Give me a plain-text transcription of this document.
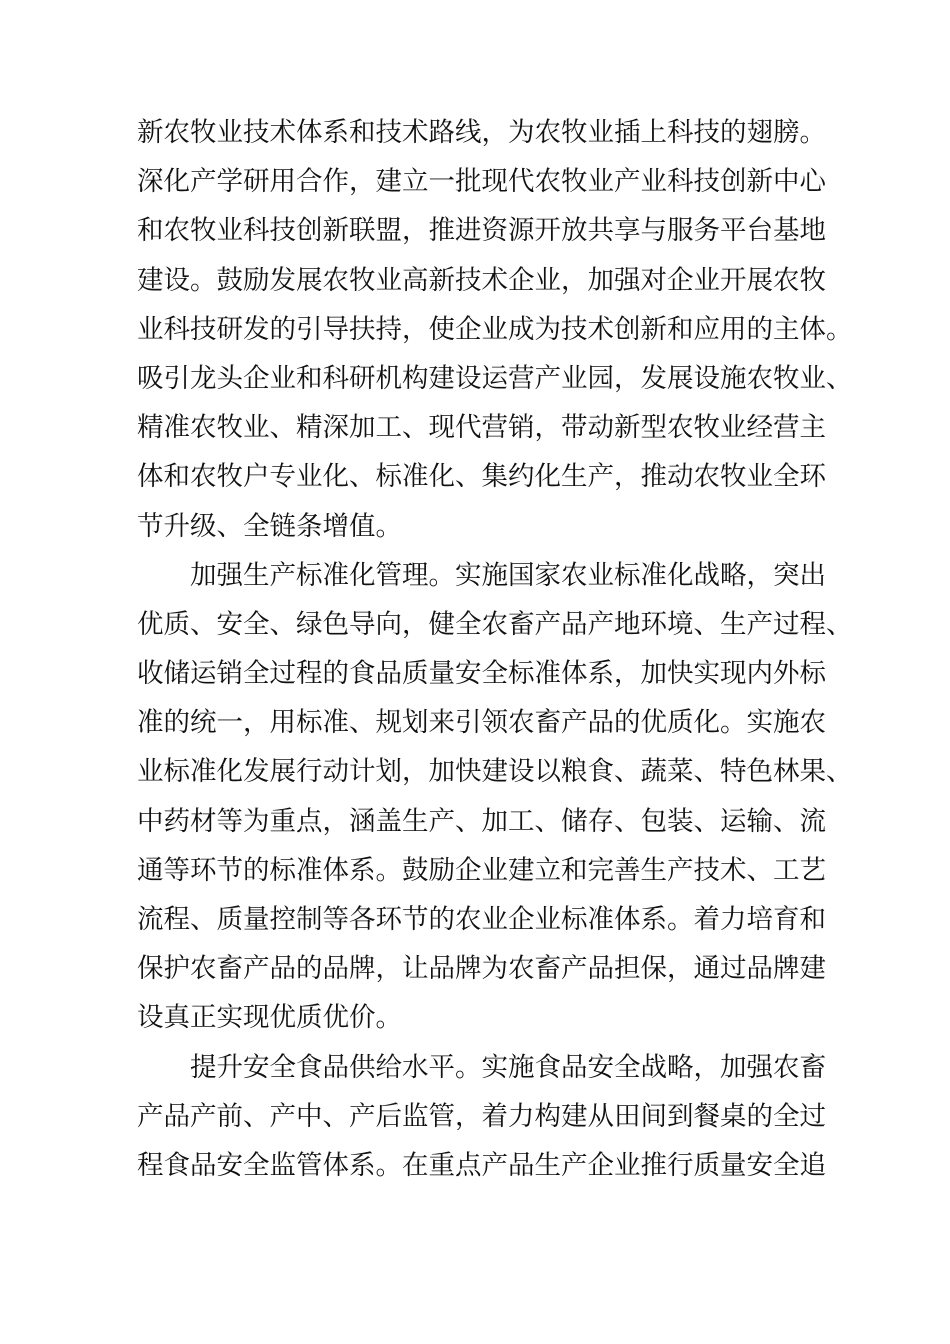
新农牧业技术体系和技术路线，为农牧业插上科技的翅膀。
深化产学研用合作，建立一批现代农牧业产业科技创新中心
和农牧业科技创新联盟，推进资源开放共享与服务平台基地
建设。鼓励发展农牧业高新技术企业，加强对企业开展农牧
业科技研发的引导扶持，使企业成为技术创新和应用的主体。
吸引龙头企业和科研机构建设运营产业园，发展设施农牧业、
精准农牧业、精深加工、现代营销，带动新型农牧业经营主
体和农牧户专业化、标准化、集约化生产，推动农牧业全环
节升级、全链条增值。
加强生产标准化管理。实施国家农业标准化战略，突出
优质、安全、绿色导向，健全农畜产品产地环境、生产过程、
收储运销全过程的食品质量安全标准体系，加快实现内外标
准的统一，用标准、规划来引领农畜产品的优质化。实施农
业标准化发展行动计划，加快建设以粮食、蔬菜、特色林果、
中药材等为重点，涵盖生产、加工、储存、包装、运输、流
通等环节的标准体系。鼓励企业建立和完善生产技术、工艺
流程、质量控制等各环节的农业企业标准体系。着力培育和
保护农畜产品的品牌，让品牌为农畜产品担保，通过品牌建
设真正实现优质优价。
提升安全食品供给水平。实施食品安全战略，加强农畜
产品产前、产中、产后监管，着力构建从田间到餐桌的全过
程食品安全监管体系。在重点产品生产企业推行质量安全追
